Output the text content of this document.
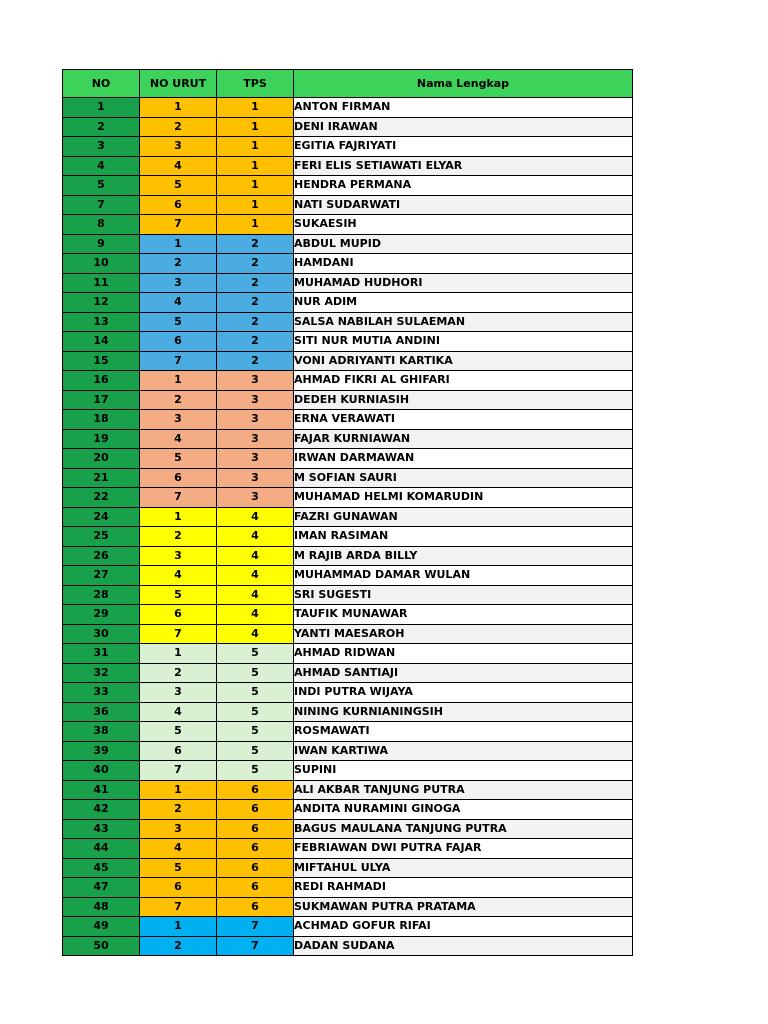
NO	NO URUT	TPS	Nama Lengkap
1	1	1	ANTON FIRMAN
2	2	1	DENI IRAWAN
3	3	1	EGITIA FAJRIYATI
4	4	1	FERI ELIS SETIAWATI ELYAR
5	5	1	HENDRA PERMANA
7	6	1	NATI SUDARWATI
8	7	1	SUKAESIH
9	1	2	ABDUL MUPID
10	2	2	HAMDANI
11	3	2	MUHAMAD HUDHORI
12	4	2	NUR ADIM
13	5	2	SALSA NABILAH SULAEMAN
14	6	2	SITI NUR MUTIA ANDINI
15	7	2	VONI ADRIYANTI KARTIKA
16	1	3	AHMAD FIKRI AL GHIFARI
17	2	3	DEDEH KURNIASIH
18	3	3	ERNA VERAWATI
19	4	3	FAJAR KURNIAWAN
20	5	3	IRWAN DARMAWAN
21	6	3	M SOFIAN SAURI
22	7	3	MUHAMAD HELMI KOMARUDIN
24	1	4	FAZRI GUNAWAN
25	2	4	IMAN RASIMAN
26	3	4	M RAJIB ARDA BILLY
27	4	4	MUHAMMAD DAMAR WULAN
28	5	4	SRI SUGESTI
29	6	4	TAUFIK MUNAWAR
30	7	4	YANTI MAESAROH
31	1	5	AHMAD RIDWAN
32	2	5	AHMAD SANTIAJI
33	3	5	INDI PUTRA WIJAYA
36	4	5	NINING KURNIANINGSIH
38	5	5	ROSMAWATI
39	6	5	IWAN KARTIWA
40	7	5	SUPINI
41	1	6	ALI AKBAR TANJUNG PUTRA
42	2	6	ANDITA NURAMINI GINOGA
43	3	6	BAGUS MAULANA TANJUNG PUTRA
44	4	6	FEBRIAWAN DWI PUTRA FAJAR
45	5	6	MIFTAHUL ULYA
47	6	6	REDI RAHMADI
48	7	6	SUKMAWAN PUTRA PRATAMA
49	1	7	ACHMAD GOFUR RIFAI
50	2	7	DADAN SUDANA
